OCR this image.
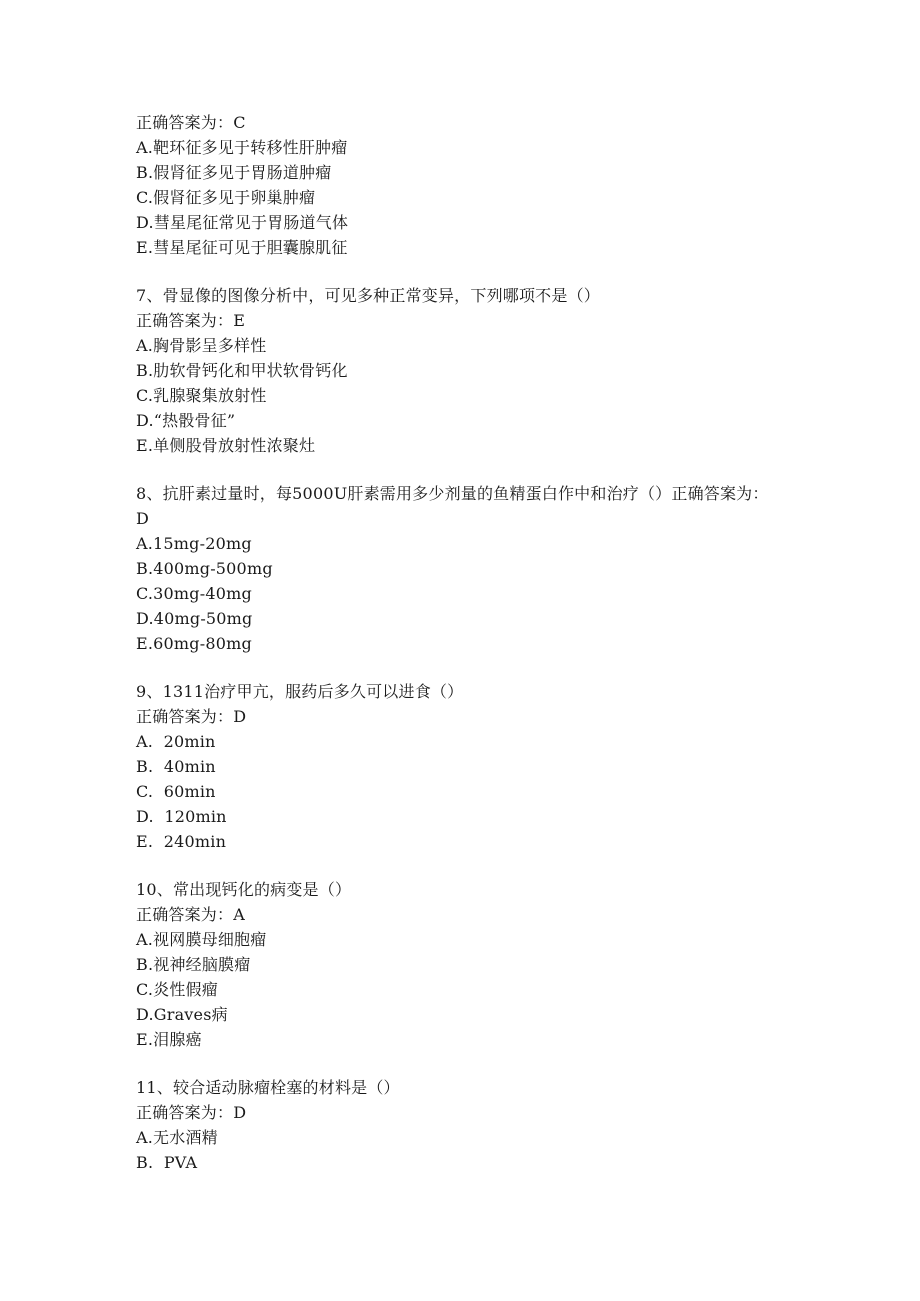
正确答案为：C
A.靶环征多见于转移性肝肿瘤
B.假肾征多见于胃肠道肿瘤
C.假肾征多见于卵巢肿瘤
D.彗星尾征常见于胃肠道气体
E.彗星尾征可见于胆囊腺肌征
7、骨显像的图像分析中，可见多种正常变异，下列哪项不是（）
正确答案为：E
A.胸骨影呈多样性
B.肋软骨钙化和甲状软骨钙化
C.乳腺聚集放射性
D.“热骰骨征”
E.单侧股骨放射性浓聚灶
8、抗肝素过量时，每5000U肝素需用多少剂量的鱼精蛋白作中和治疗（）正确答案为：D
A.15mg-20mg
B.400mg-500mg
C.30mg-40mg
D.40mg-50mg
E.60mg-80mg
9、1311治疗甲亢，服药后多久可以进食（）
正确答案为：D
A.  20min
B.  40min
C.  60min
D.  120min
E.  240min
10、常出现钙化的病变是（）
正确答案为：A
A.视网膜母细胞瘤
B.视神经脑膜瘤
C.炎性假瘤
D.Graves病
E.泪腺癌
11、较合适动脉瘤栓塞的材料是（）
正确答案为：D
A.无水酒精
B.  PVA
